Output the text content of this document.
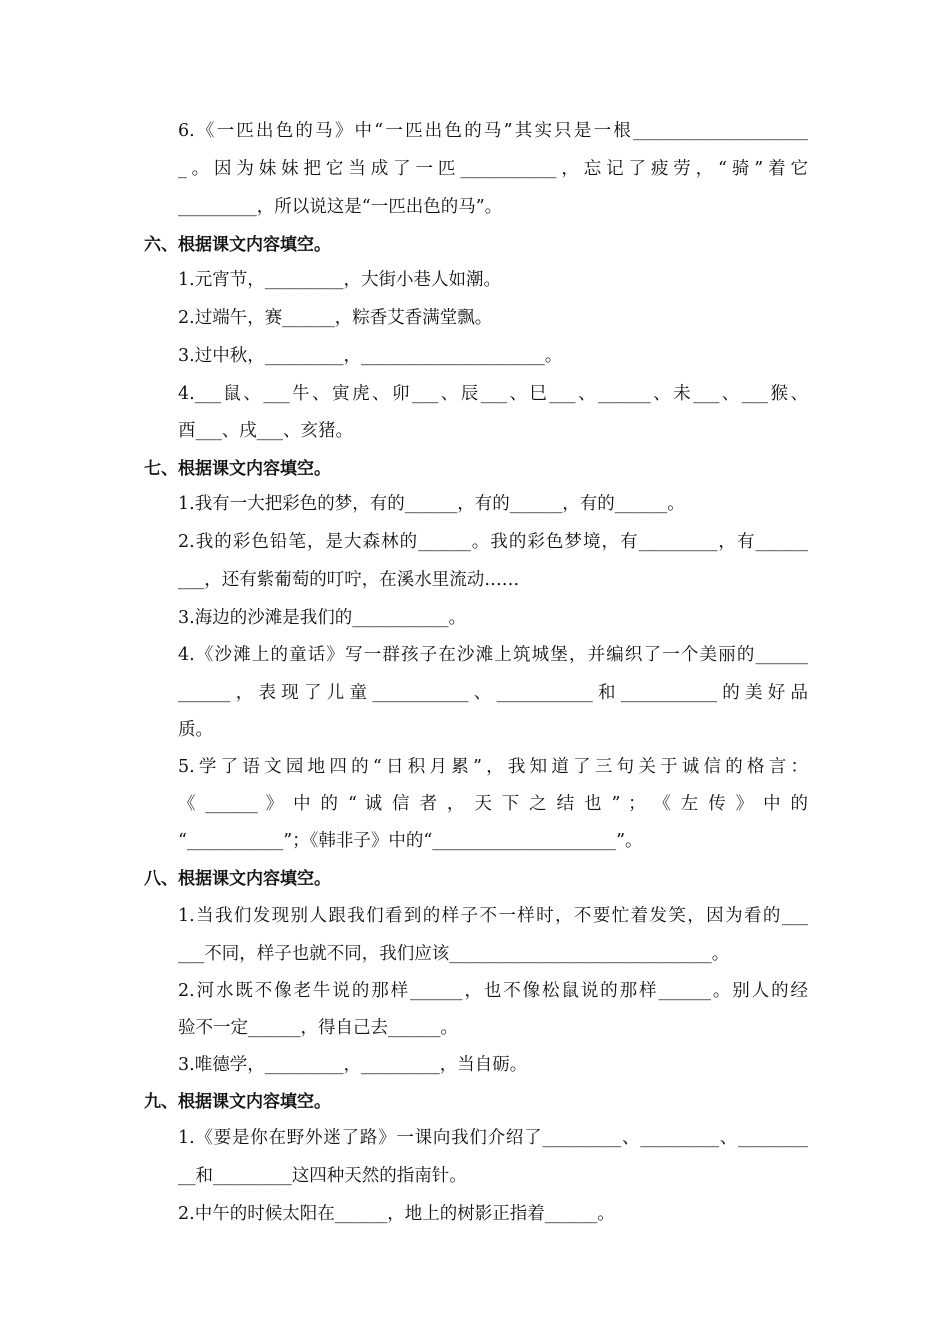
6.《一匹出色的马》中“一匹出色的马”其实只是一根____________________
_。因为妹妹把它当成了一匹___________，忘记了疲劳，“骑”着它
_________，所以说这是“一匹出色的马”。
六、根据课文内容填空。
1.元宵节，_________，大街小巷人如潮。
2.过端午，赛______，粽香艾香满堂飘。
3.过中秋，_________，_____________________。
4.___鼠、___牛、寅虎、卯___、辰___、巳___、______、未___、___猴、
酉___、戌___、亥猪。
七、根据课文内容填空。
1.我有一大把彩色的梦，有的______，有的______，有的______。
2.我的彩色铅笔，是大森林的______。我的彩色梦境，有_________，有______
___，还有紫葡萄的叮咛，在溪水里流动……
3.海边的沙滩是我们的___________。
4.《沙滩上的童话》写一群孩子在沙滩上筑城堡，并编织了一个美丽的______
______，表现了儿童___________、___________和___________的美好品
质。
5.学了语文园地四的“日积月累”，我知道了三句关于诚信的格言：
《 ______ 》 中 的 “ 诚 信 者 ， 天 下 之 结 也 ” ； 《 左 传 》 中 的
“___________”；《韩非子》中的“_____________________”。
八、根据课文内容填空。
1.当我们发现别人跟我们看到的样子不一样时，不要忙着发笑，因为看的___
___不同，样子也就不同，我们应该______________________________。
2.河水既不像老牛说的那样______，也不像松鼠说的那样______。别人的经
验不一定______，得自己去______。
3.唯德学，_________，_________，当自砺。
九、根据课文内容填空。
1.《要是你在野外迷了路》一课向我们介绍了_________、_________、________
__和_________这四种天然的指南针。
2.中午的时候太阳在______，地上的树影正指着______。
